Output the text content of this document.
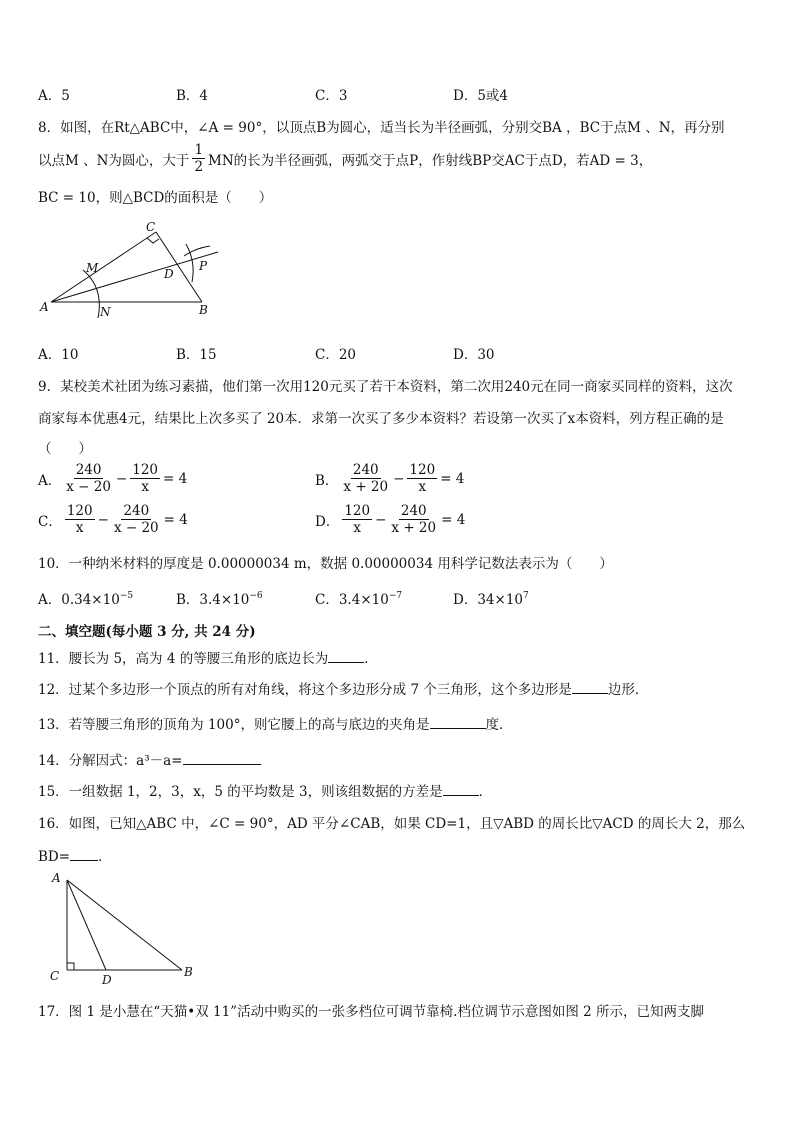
A．5	B．4	C．3	D．5或4
8．如图，在Rt△ABC中，∠A = 90°，以顶点B为圆心，适当长为半径画弧，分别交BA ，BC于点M 、N，再分别
以点M 、N为圆心，大于 $\frac{1}{2}$ MN的长为半径画弧，两弧交于点P，作射线BP交AC于点D，若AD = 3，
BC = 10，则△BCD的面积是（　　）
A	B
C
M
N
D
P
A．10	B．15	C．20	D．30
9．某校美术社团为练习素描，他们第一次用120元买了若干本资料，第二次用240元在同一商家买同样的资料，这次
商家每本优惠4元，结果比上次多买了 20本．求第一次买了多少本资料？若设第一次买了x本资料，列方程正确的是
（　　）
A． $\frac{240}{x - 20} - \frac{120}{x} = 4$	B． $\frac{240}{x + 20} - \frac{120}{x} = 4$
C． $\frac{120}{x} - \frac{240}{x - 20} = 4$	D． $\frac{120}{x} - \frac{240}{x + 20} = 4$
10．一种纳米材料的厚度是 0.00000034 m，数据 0.00000034 用科学记数法表示为（　　）
A．$0.34\times 10^{-5}$	B．$3.4\times 10^{-6}$	C．$3.4\times 10^{-7}$	D．$34\times 10^7$
二、填空题(每小题 3 分, 共 24 分)
11．腰长为 5，高为 4 的等腰三角形的底边长为	．
12．过某个多边形一个顶点的所有对角线，将这个多边形分成 7 个三角形，这个多边形是	边形．
13．若等腰三角形的顶角为 100°，则它腰上的高与底边的夹角是	度．
14．分解因式：a³－a=
15．一组数据 1，2，3，x，5 的平均数是 3，则该组数据的方差是	．
16．如图，已知△ABC 中，∠C = 90°，AD 平分∠CAB，如果 CD=1，且▽ABD 的周长比▽ACD 的周长大 2，那么
BD= ．
A
C	D
B
17．图 1 是小慧在“天猫•双 11”活动中购买的一张多档位可调节靠椅.档位调节示意图如图 2 所示，已知两支脚
